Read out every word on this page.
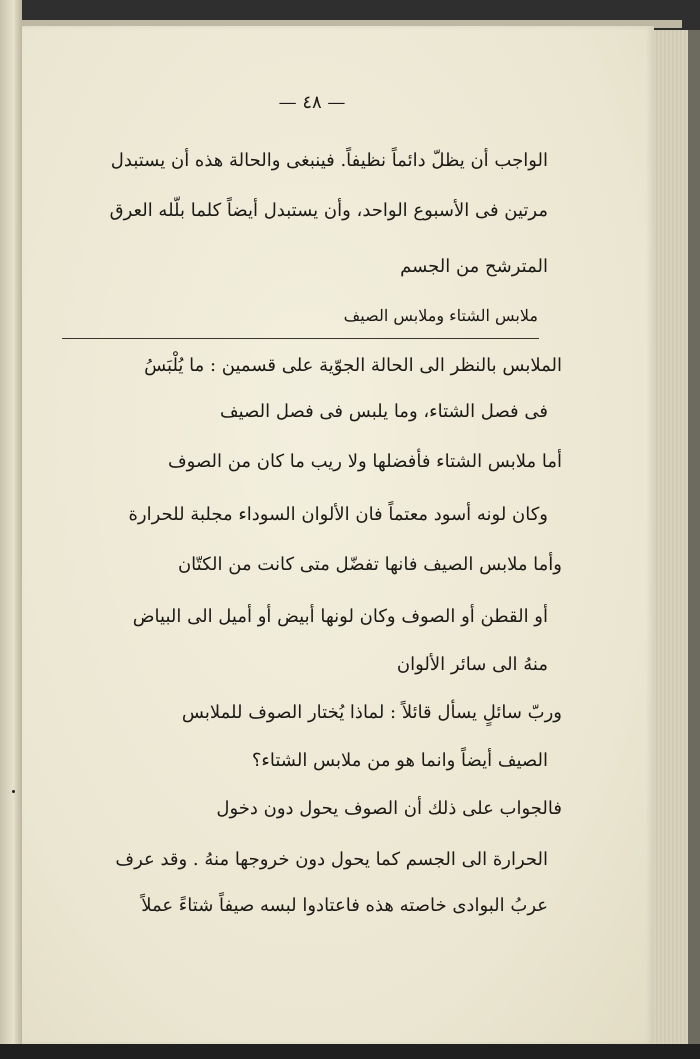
— ٤٨ —
الواجب أن يظلّ دائماً نظيفاً. فينبغى والحالة هذه أن يستبدل
مرتين فى الأسبوع الواحد، وأن يستبدل أيضاً كلما بلّله العرق
المترشح من الجسم
ملابس الشتاء وملابس الصيف
الملابس بالنظر الى الحالة الجوّية على قسمين : ما يُلْبَسُ
فى فصل الشتاء، وما يلبس فى فصل الصيف
أما ملابس الشتاء فأفضلها ولا ريب ما كان من الصوف
وكان لونه أسود معتماً فان الألوان السوداء مجلبة للحرارة
وأما ملابس الصيف فانها تفضّل متى كانت من الكتّان
أو القطن أو الصوف وكان لونها أبيض أو أميل الى البياض
منهُ الى سائر الألوان
وربّ سائلٍ يسأل قائلاً : لماذا يُختار الصوف للملابس
الصيف أيضاً وانما هو من ملابس الشتاء؟
فالجواب على ذلك أن الصوف يحول دون دخول
الحرارة الى الجسم كما يحول دون خروجها منهُ . وقد عرف
عربُ البوادى خاصته هذه فاعتادوا لبسه صيفاً شتاءً عملاً
